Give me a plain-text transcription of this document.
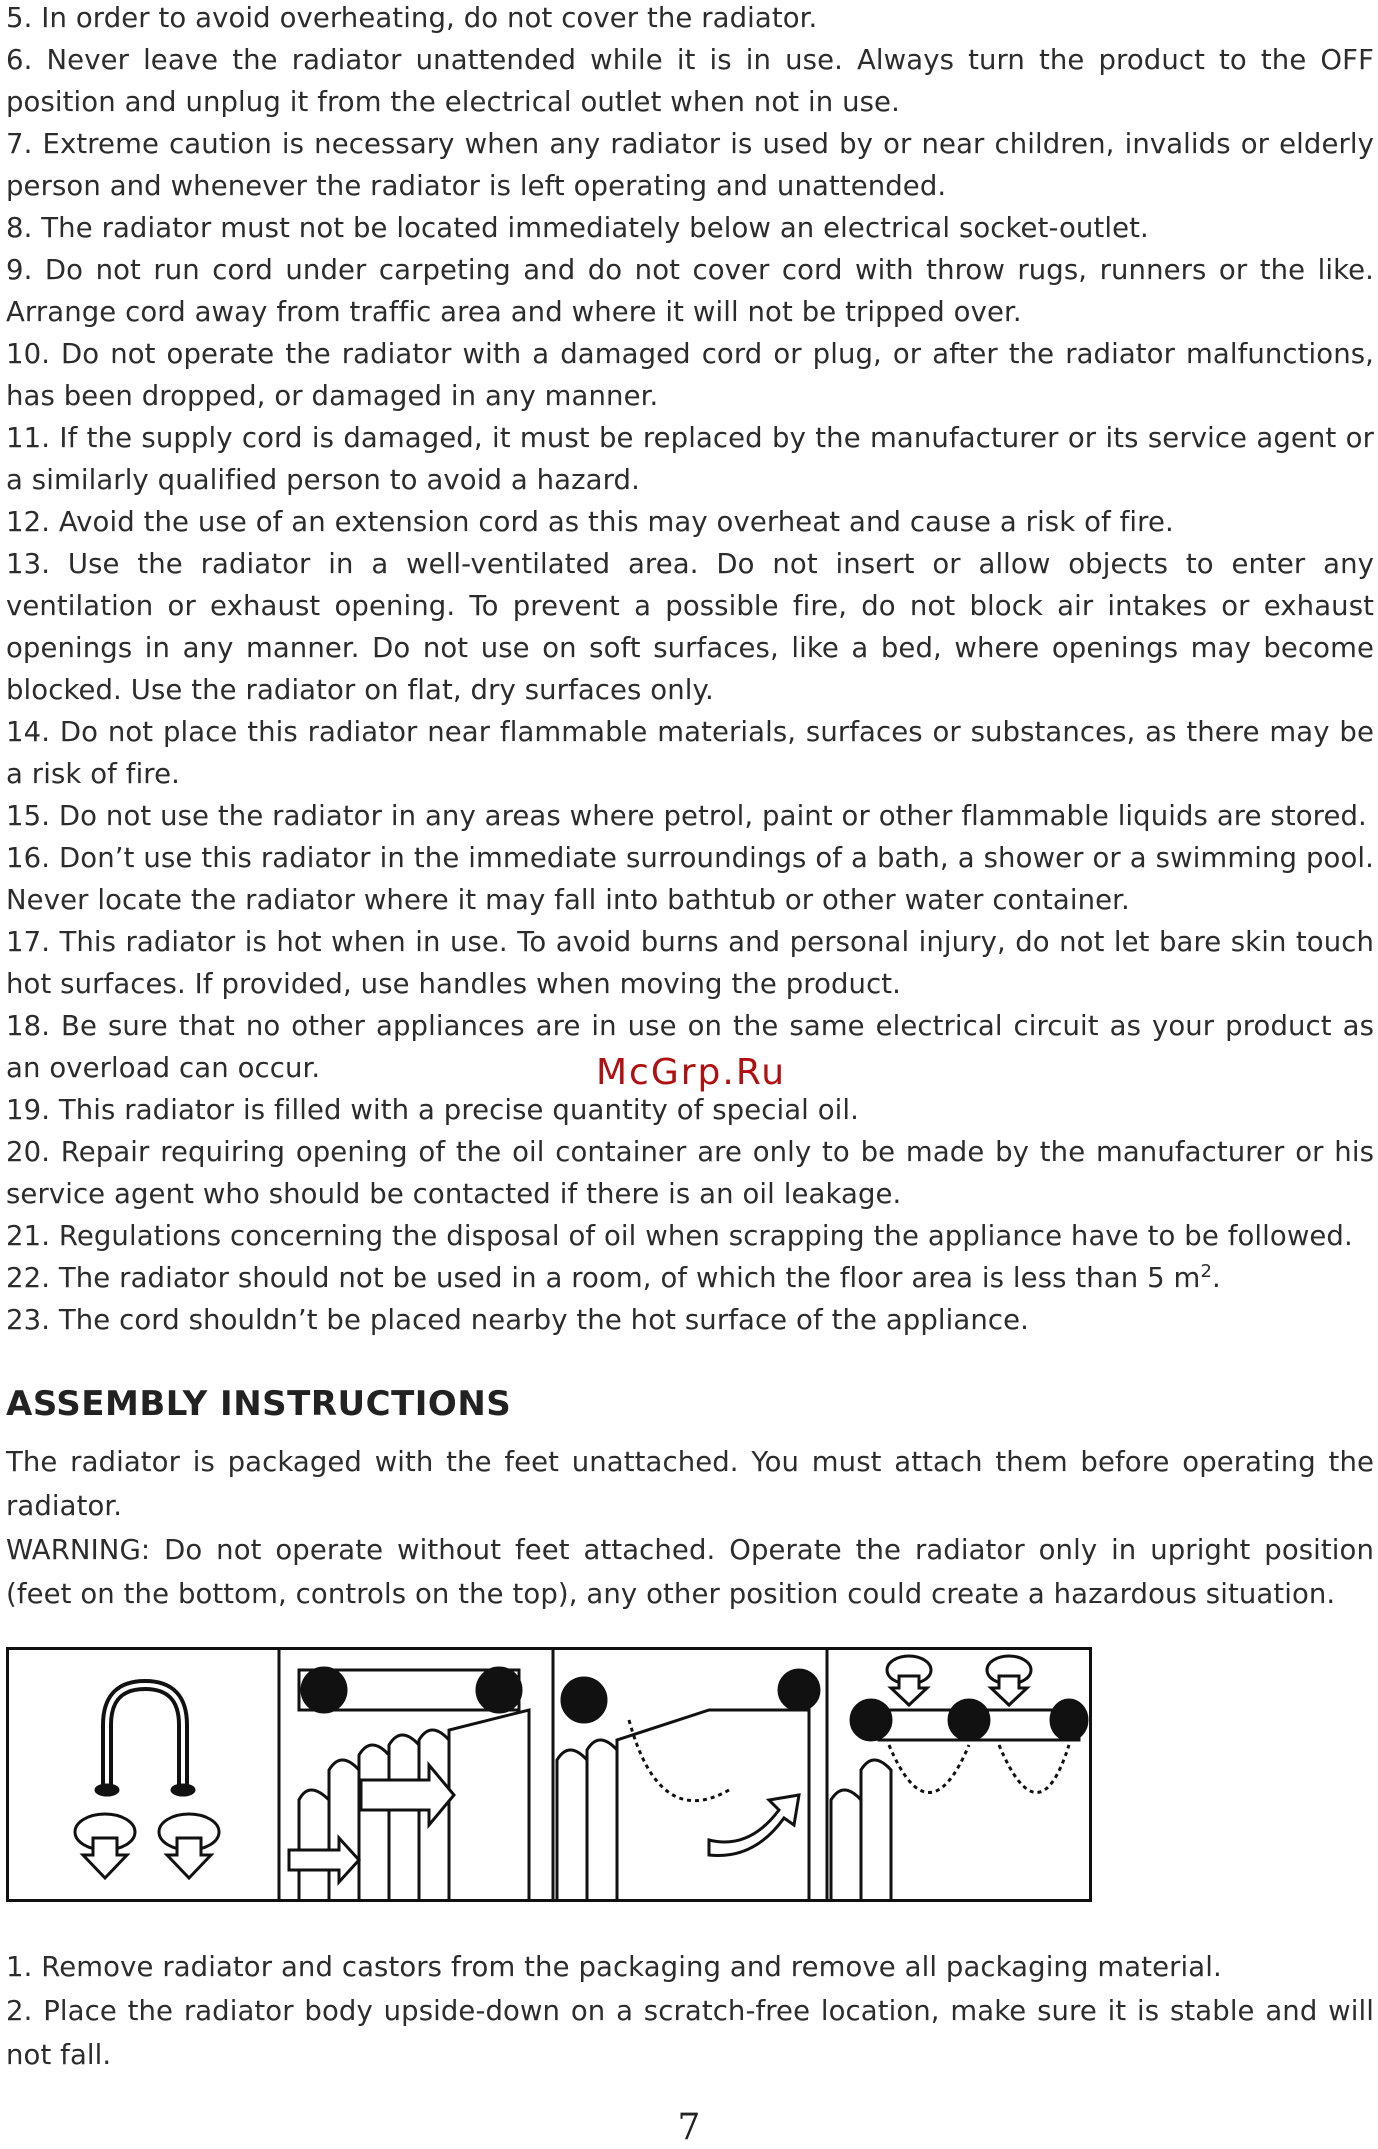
5. In order to avoid overheating, do not cover the radiator.

6. Never leave the radiator unattended while it is in use. Always turn the product to the OFF position and unplug it from the electrical outlet when not in use.

7. Extreme caution is necessary when any radiator is used by or near children, invalids or elderly person and whenever the radiator is left operating and unattended.

8. The radiator must not be located immediately below an electrical socket-outlet.

9. Do not run cord under carpeting and do not cover cord with throw rugs, runners or the like. Arrange cord away from traffic area and where it will not be tripped over.

10. Do not operate the radiator with a damaged cord or plug, or after the radiator malfunctions, has been dropped, or damaged in any manner.

11. If the supply cord is damaged, it must be replaced by the manufacturer or its service agent or a similarly qualified person to avoid a hazard.

12. Avoid the use of an extension cord as this may overheat and cause a risk of fire.

13. Use the radiator in a well-ventilated area. Do not insert or allow objects to enter any ventilation or exhaust opening. To prevent a possible fire, do not block air intakes or exhaust openings in any manner. Do not use on soft surfaces, like a bed, where openings may become blocked. Use the radiator on flat, dry surfaces only.

14. Do not place this radiator near flammable materials, surfaces or substances, as there may be a risk of fire.

15. Do not use the radiator in any areas where petrol, paint or other flammable liquids are stored.

16. Don’t use this radiator in the immediate surroundings of a bath, a shower or a swimming pool. Never locate the radiator where it may fall into bathtub or other water container.

17. This radiator is hot when in use. To avoid burns and personal injury, do not let bare skin touch hot surfaces. If provided, use handles when moving the product.

18. Be sure that no other appliances are in use on the same electrical circuit as your product as an overload can occur.

19. This radiator is filled with a precise quantity of special oil.

20. Repair requiring opening of the oil container are only to be made by the manufacturer or his service agent who should be contacted if there is an oil leakage.

21. Regulations concerning the disposal of oil when scrapping the appliance have to be followed.

22. The radiator should not be used in a room, of which the floor area is less than 5 $m^2$.

23. The cord shouldn’t be placed nearby the hot surface of the appliance.

McGrp.Ru
ASSEMBLY INSTRUCTIONS

The radiator is packaged with the feet unattached. You must attach them before operating the radiator.

WARNING: Do not operate without feet attached. Operate the radiator only in upright position (feet on the bottom, controls on the top), any other position could create a hazardous situation.

1. Remove radiator and castors from the packaging and remove all packaging material.

2. Place the radiator body upside-down on a scratch-free location, make sure it is stable and will not fall.

7
